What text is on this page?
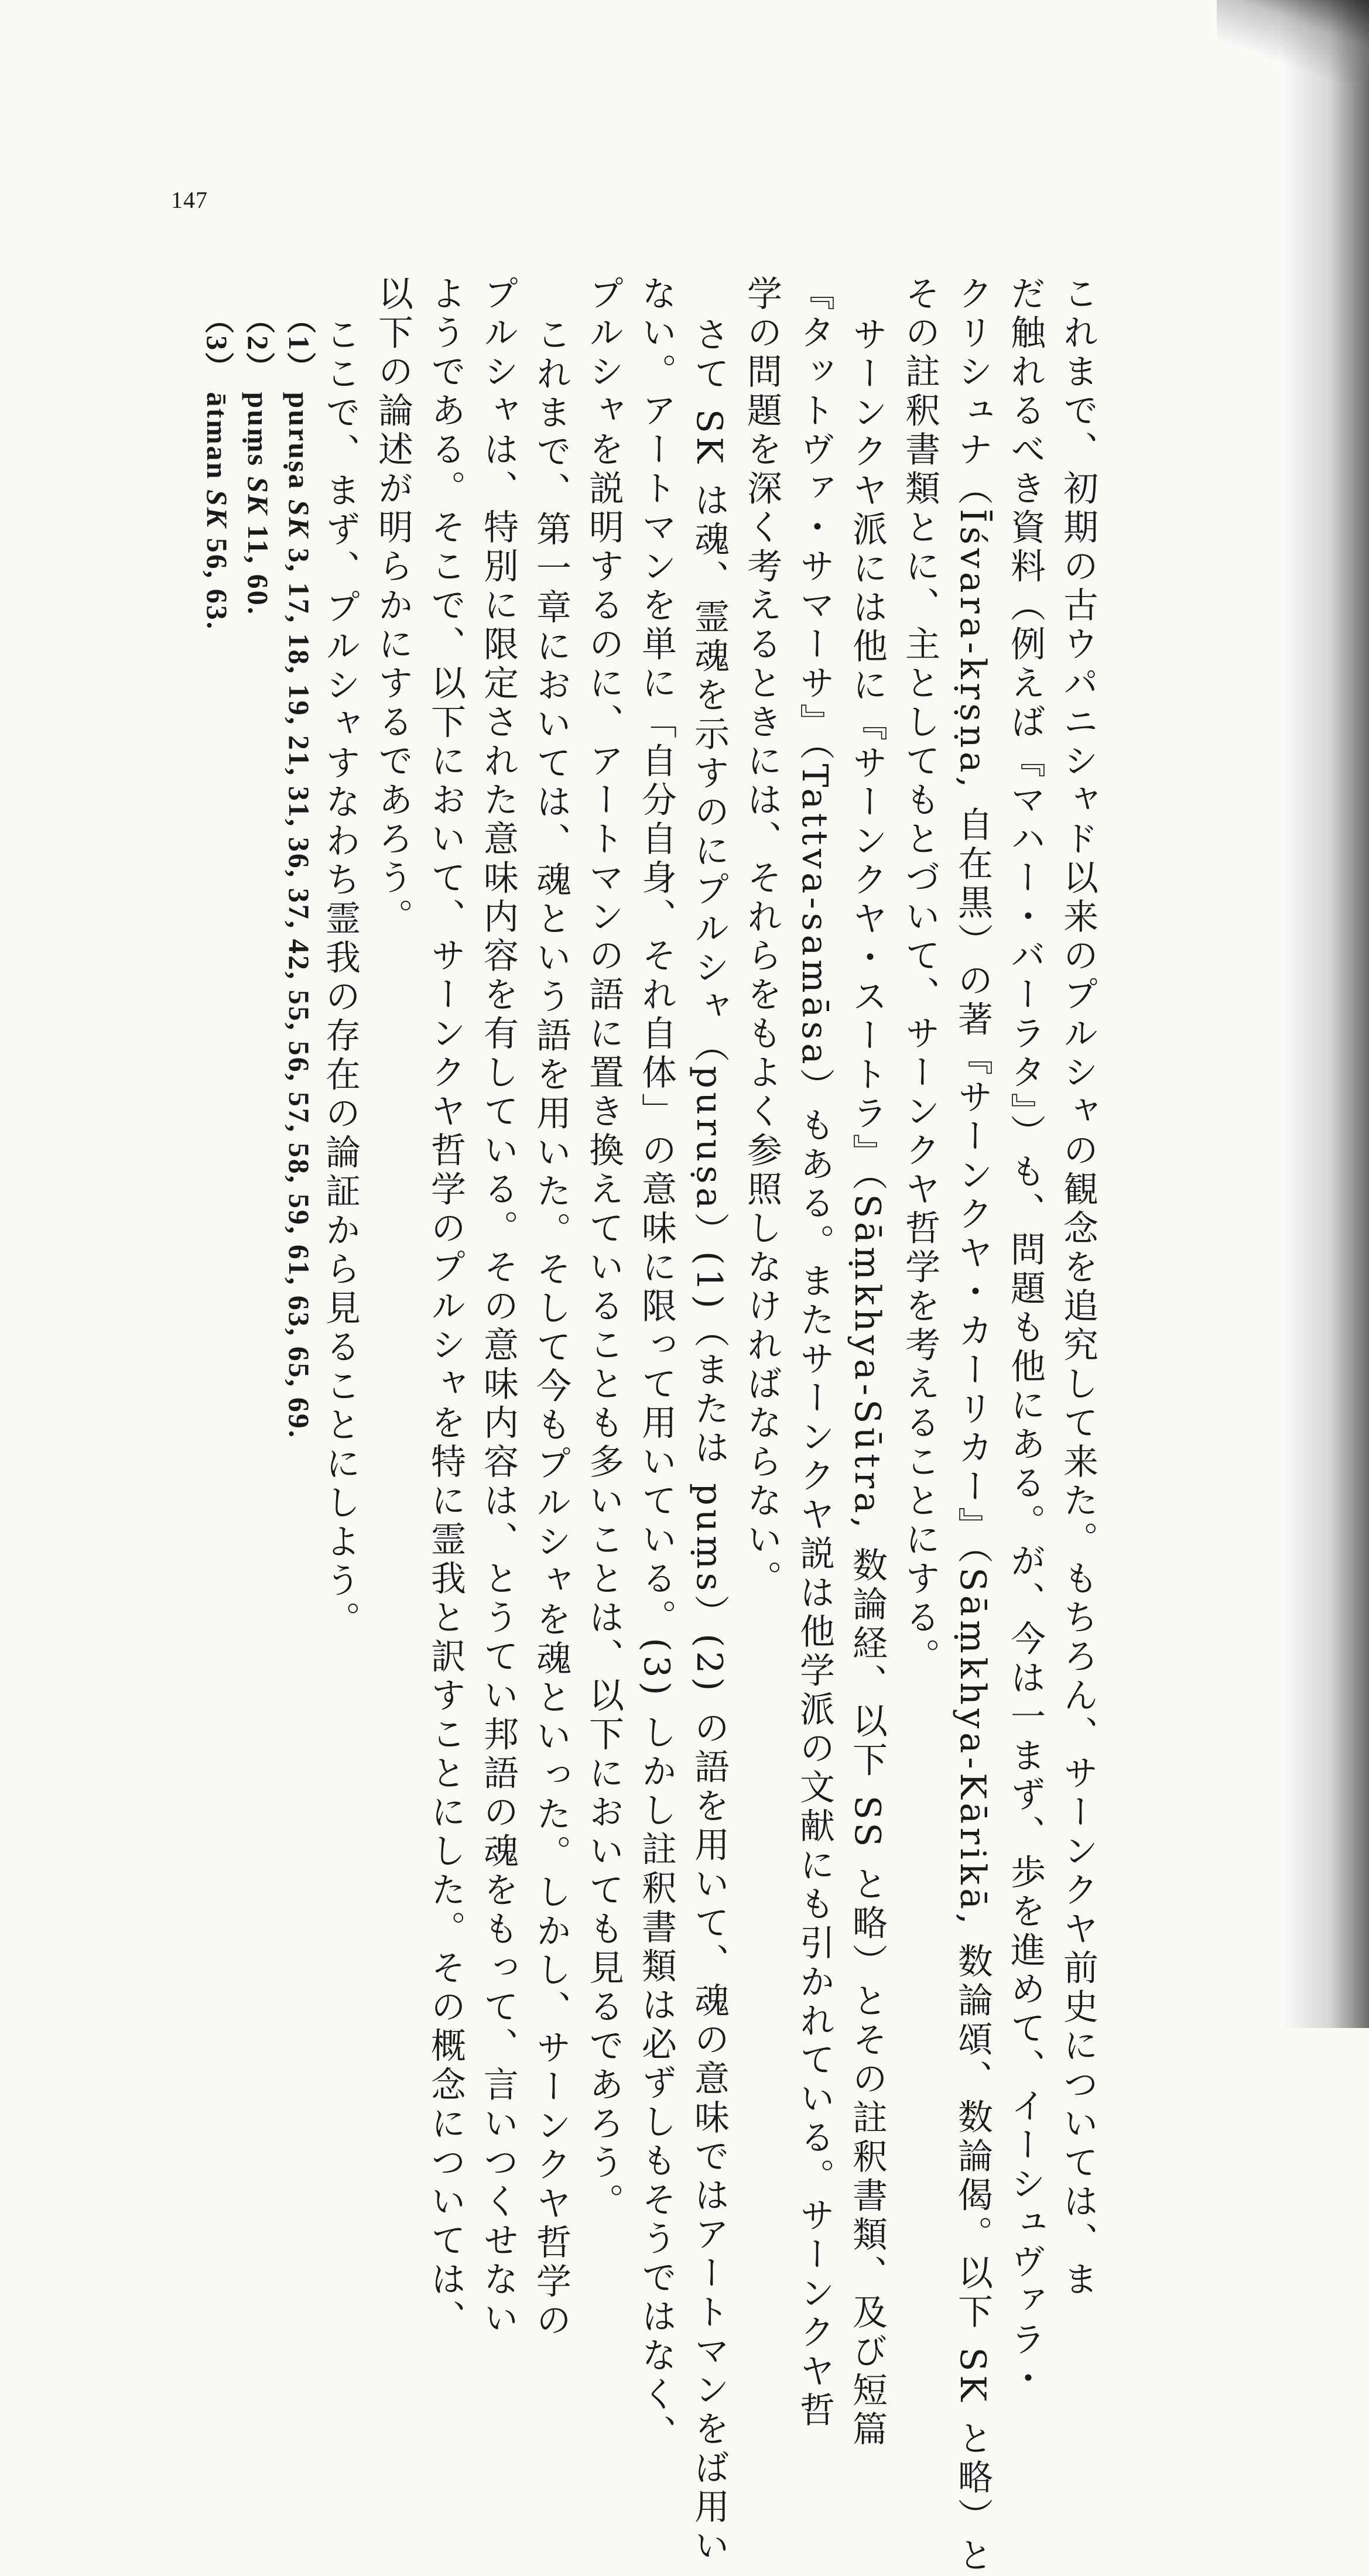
147
これまで、初期の古ウパニシャド以来のプルシャの観念を追究して来た。もちろん、サーンクヤ前史については、ま
だ触れるべき資料（例えば『マハー・バーラタ』）も、問題も他にある。が、今は一まず、歩を進めて、イーシュヴァラ・
クリシュナ（Īśvara-kṛṣṇa, 自在黒）の著『サーンクヤ・カーリカー』（Sāṃkhya-Kārikā, 数論頌、数論偈。以下 SK と略）と
その註釈書類とに、主としてもとづいて、サーンクヤ哲学を考えることにする。
サーンクヤ派には他に『サーンクヤ・スートラ』（Sāṃkhya-Sūtra, 数論経、以下 SS と略）とその註釈書類、及び短篇
『タットヴァ・サマーサ』（Tattva-samāsa）もある。またサーンクヤ説は他学派の文献にも引かれている。サーンクヤ哲
学の問題を深く考えるときには、それらをもよく参照しなければならない。
さて SK は魂、霊魂を示すのにプルシャ（puruṣa）(1)（または puṃs）(2) の語を用いて、魂の意味ではアートマンをば用い
ない。アートマンを単に「自分自身、それ自体」の意味に限って用いている。(3) しかし註釈書類は必ずしもそうではなく、
プルシャを説明するのに、アートマンの語に置き換えていることも多いことは、以下においても見るであろう。
これまで、第一章においては、魂という語を用いた。そして今もプルシャを魂といった。しかし、サーンクヤ哲学の
プルシャは、特別に限定された意味内容を有している。その意味内容は、とうてい邦語の魂をもって、言いつくせない
ようである。そこで、以下において、サーンクヤ哲学のプルシャを特に霊我と訳すことにした。その概念については、
以下の論述が明らかにするであろう。
ここで、まず、プルシャすなわち霊我の存在の論証から見ることにしよう。
（1） puruṣa SK 3, 17, 18, 19, 21, 31, 36, 37, 42, 55, 56, 57, 58, 59, 61, 63, 65, 69.
（2） puṃs SK 11, 60.
（3） ātman SK 56, 63.
